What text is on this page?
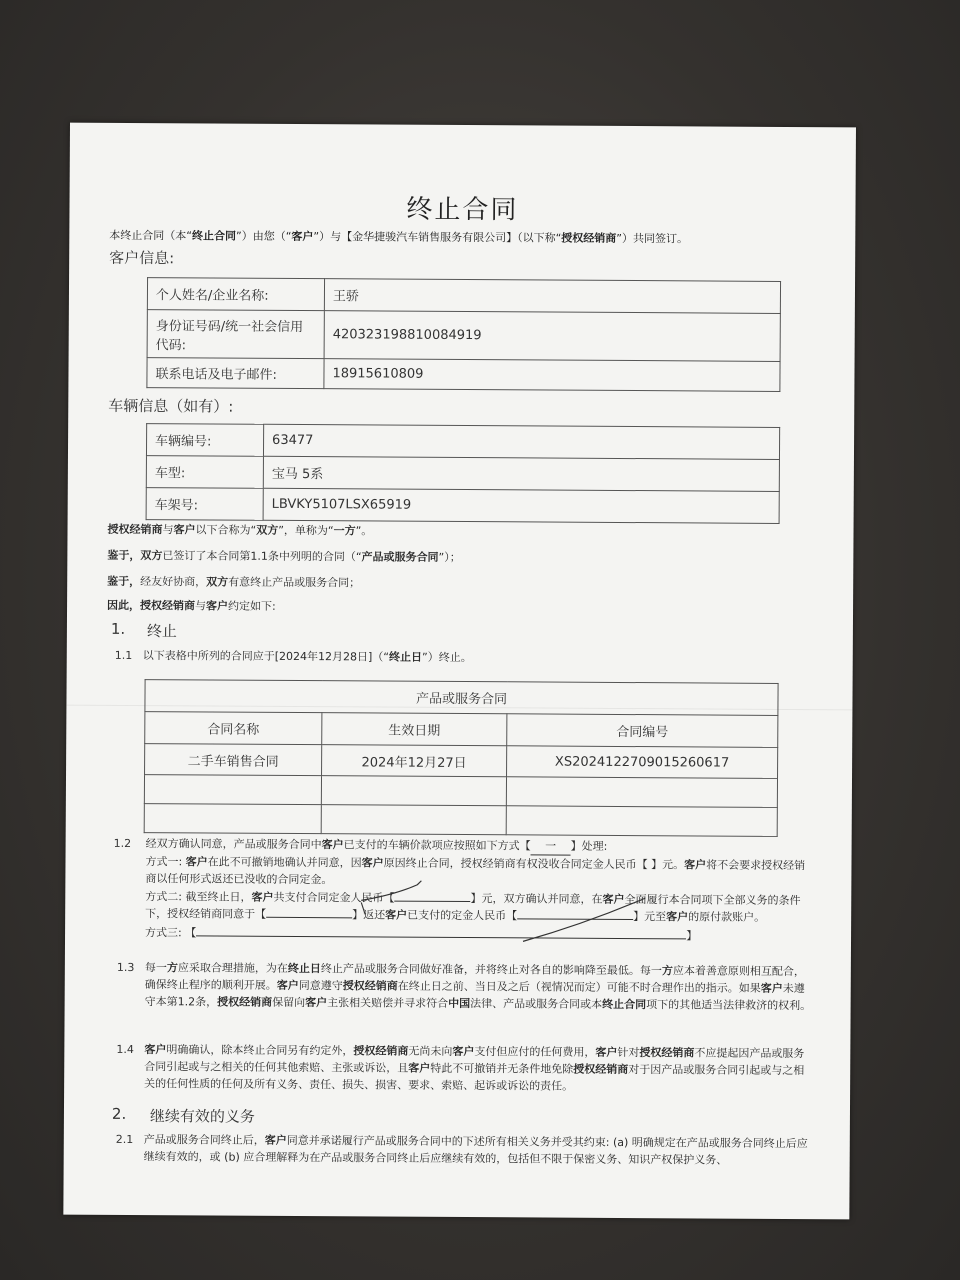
终止合同
本终止合同（本“终止合同”）由您（“客户”）与【金华捷骏汽车销售服务有限公司】（以下称“授权经销商”）共同签订。
客户信息:
个人姓名/企业名称:	王骄
身份证号码/统一社会信用代码:	420323198810084919
联系电话及电子邮件:	18915610809
车辆信息（如有）:
车辆编号:	63477
车型:	宝马 5系
车架号:	LBVKY5107LSX65919
授权经销商与客户以下合称为“双方”，单称为“一方”。
鉴于，双方已签订了本合同第1.1条中列明的合同（“产品或服务合同”）；
鉴于，经友好协商，双方有意终止产品或服务合同；
因此，授权经销商与客户约定如下:
1. 终止
1.1 以下表格中所列的合同应于[2024年12月28日]（“终止日”）终止。
产品或服务合同		
合同名称	生效日期	合同编号
二手车销售合同	2024年12月27日	XS2024122709015260617

1.2 经双方确认同意，产品或服务合同中客户已支付的车辆价款项应按照如下方式【 一 】处理:
方式一: 客户在此不可撤销地确认并同意，因客户原因终止合同，授权经销商有权没收合同定金人民币【 】元。客户将不会要求授权经销商以任何形式返还已没收的合同定金。
方式二: 截至终止日，客户共支付合同定金人民币【	】元，双方确认并同意，在客户全面履行本合同项下全部义务的条件下，授权经销商同意于【	】返还客户已支付的定金人民币【	】元至客户的原付款账户。
方式三: 【	】
1.3 每一方应采取合理措施，为在终止日终止产品或服务合同做好准备，并将终止对各自的影响降至最低。每一方应本着善意原则相互配合，确保终止程序的顺利开展。客户同意遵守授权经销商在终止日之前、当日及之后（视情况而定）可能不时合理作出的指示。如果客户未遵守本第1.2条，授权经销商保留向客户主张相关赔偿并寻求符合中国法律、产品或服务合同或本终止合同项下的其他适当法律救济的权利。
1.4 客户明确确认，除本终止合同另有约定外，授权经销商无尚未向客户支付但应付的任何费用，客户针对授权经销商不应提起因产品或服务合同引起或与之相关的任何其他索赔、主张或诉讼，且客户特此不可撤销并无条件地免除授权经销商对于因产品或服务合同引起或与之相关的任何性质的任何及所有义务、责任、损失、损害、要求、索赔、起诉或诉讼的责任。
2. 继续有效的义务
2.1 产品或服务合同终止后，客户同意并承诺履行产品或服务合同中的下述所有相关义务并受其约束: (a) 明确规定在产品或服务合同终止后应继续有效的，或 (b) 应合理解释为在产品或服务合同终止后应继续有效的，包括但不限于保密义务、知识产权保护义务、
